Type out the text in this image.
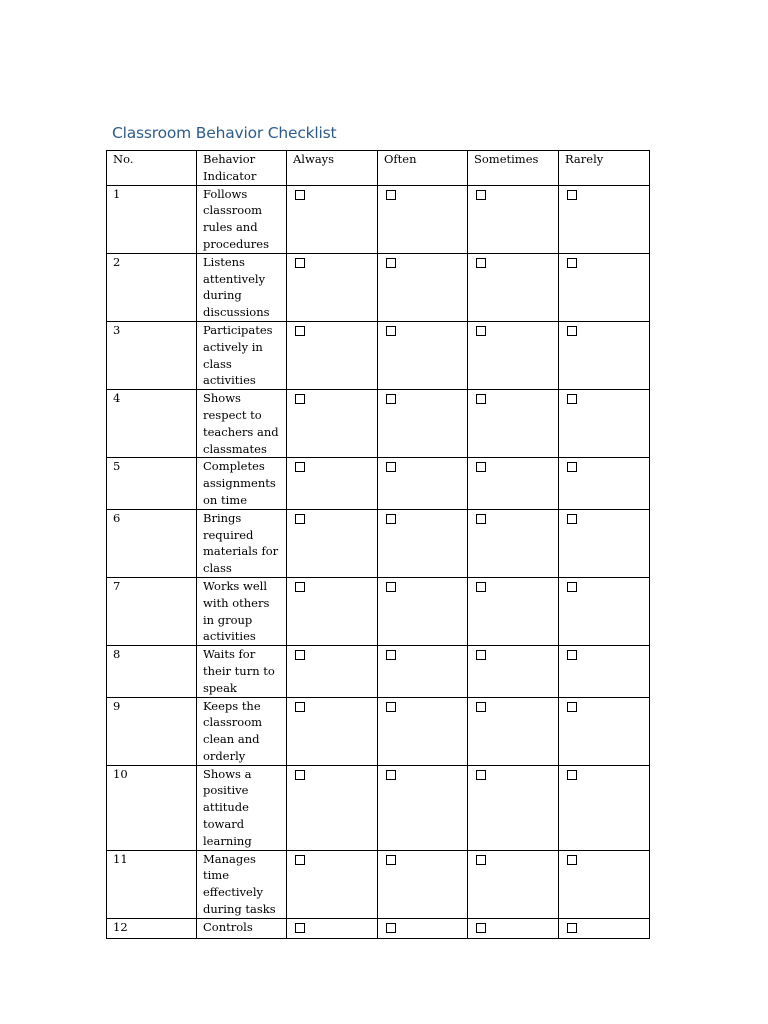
Classroom Behavior Checklist
No.	Behavior Indicator	Always	Often	Sometimes	Rarely
1	Follows classroom rules and procedures				
2	Listens attentively during discussions				
3	Participates actively in class activities				
4	Shows respect to teachers and classmates				
5	Completes assignments on time				
6	Brings required materials for class				
7	Works well with others in group activities				
8	Waits for their turn to speak				
9	Keeps the classroom clean and orderly				
10	Shows a positive attitude toward learning				
11	Manages time effectively during tasks				
12	Controls				
